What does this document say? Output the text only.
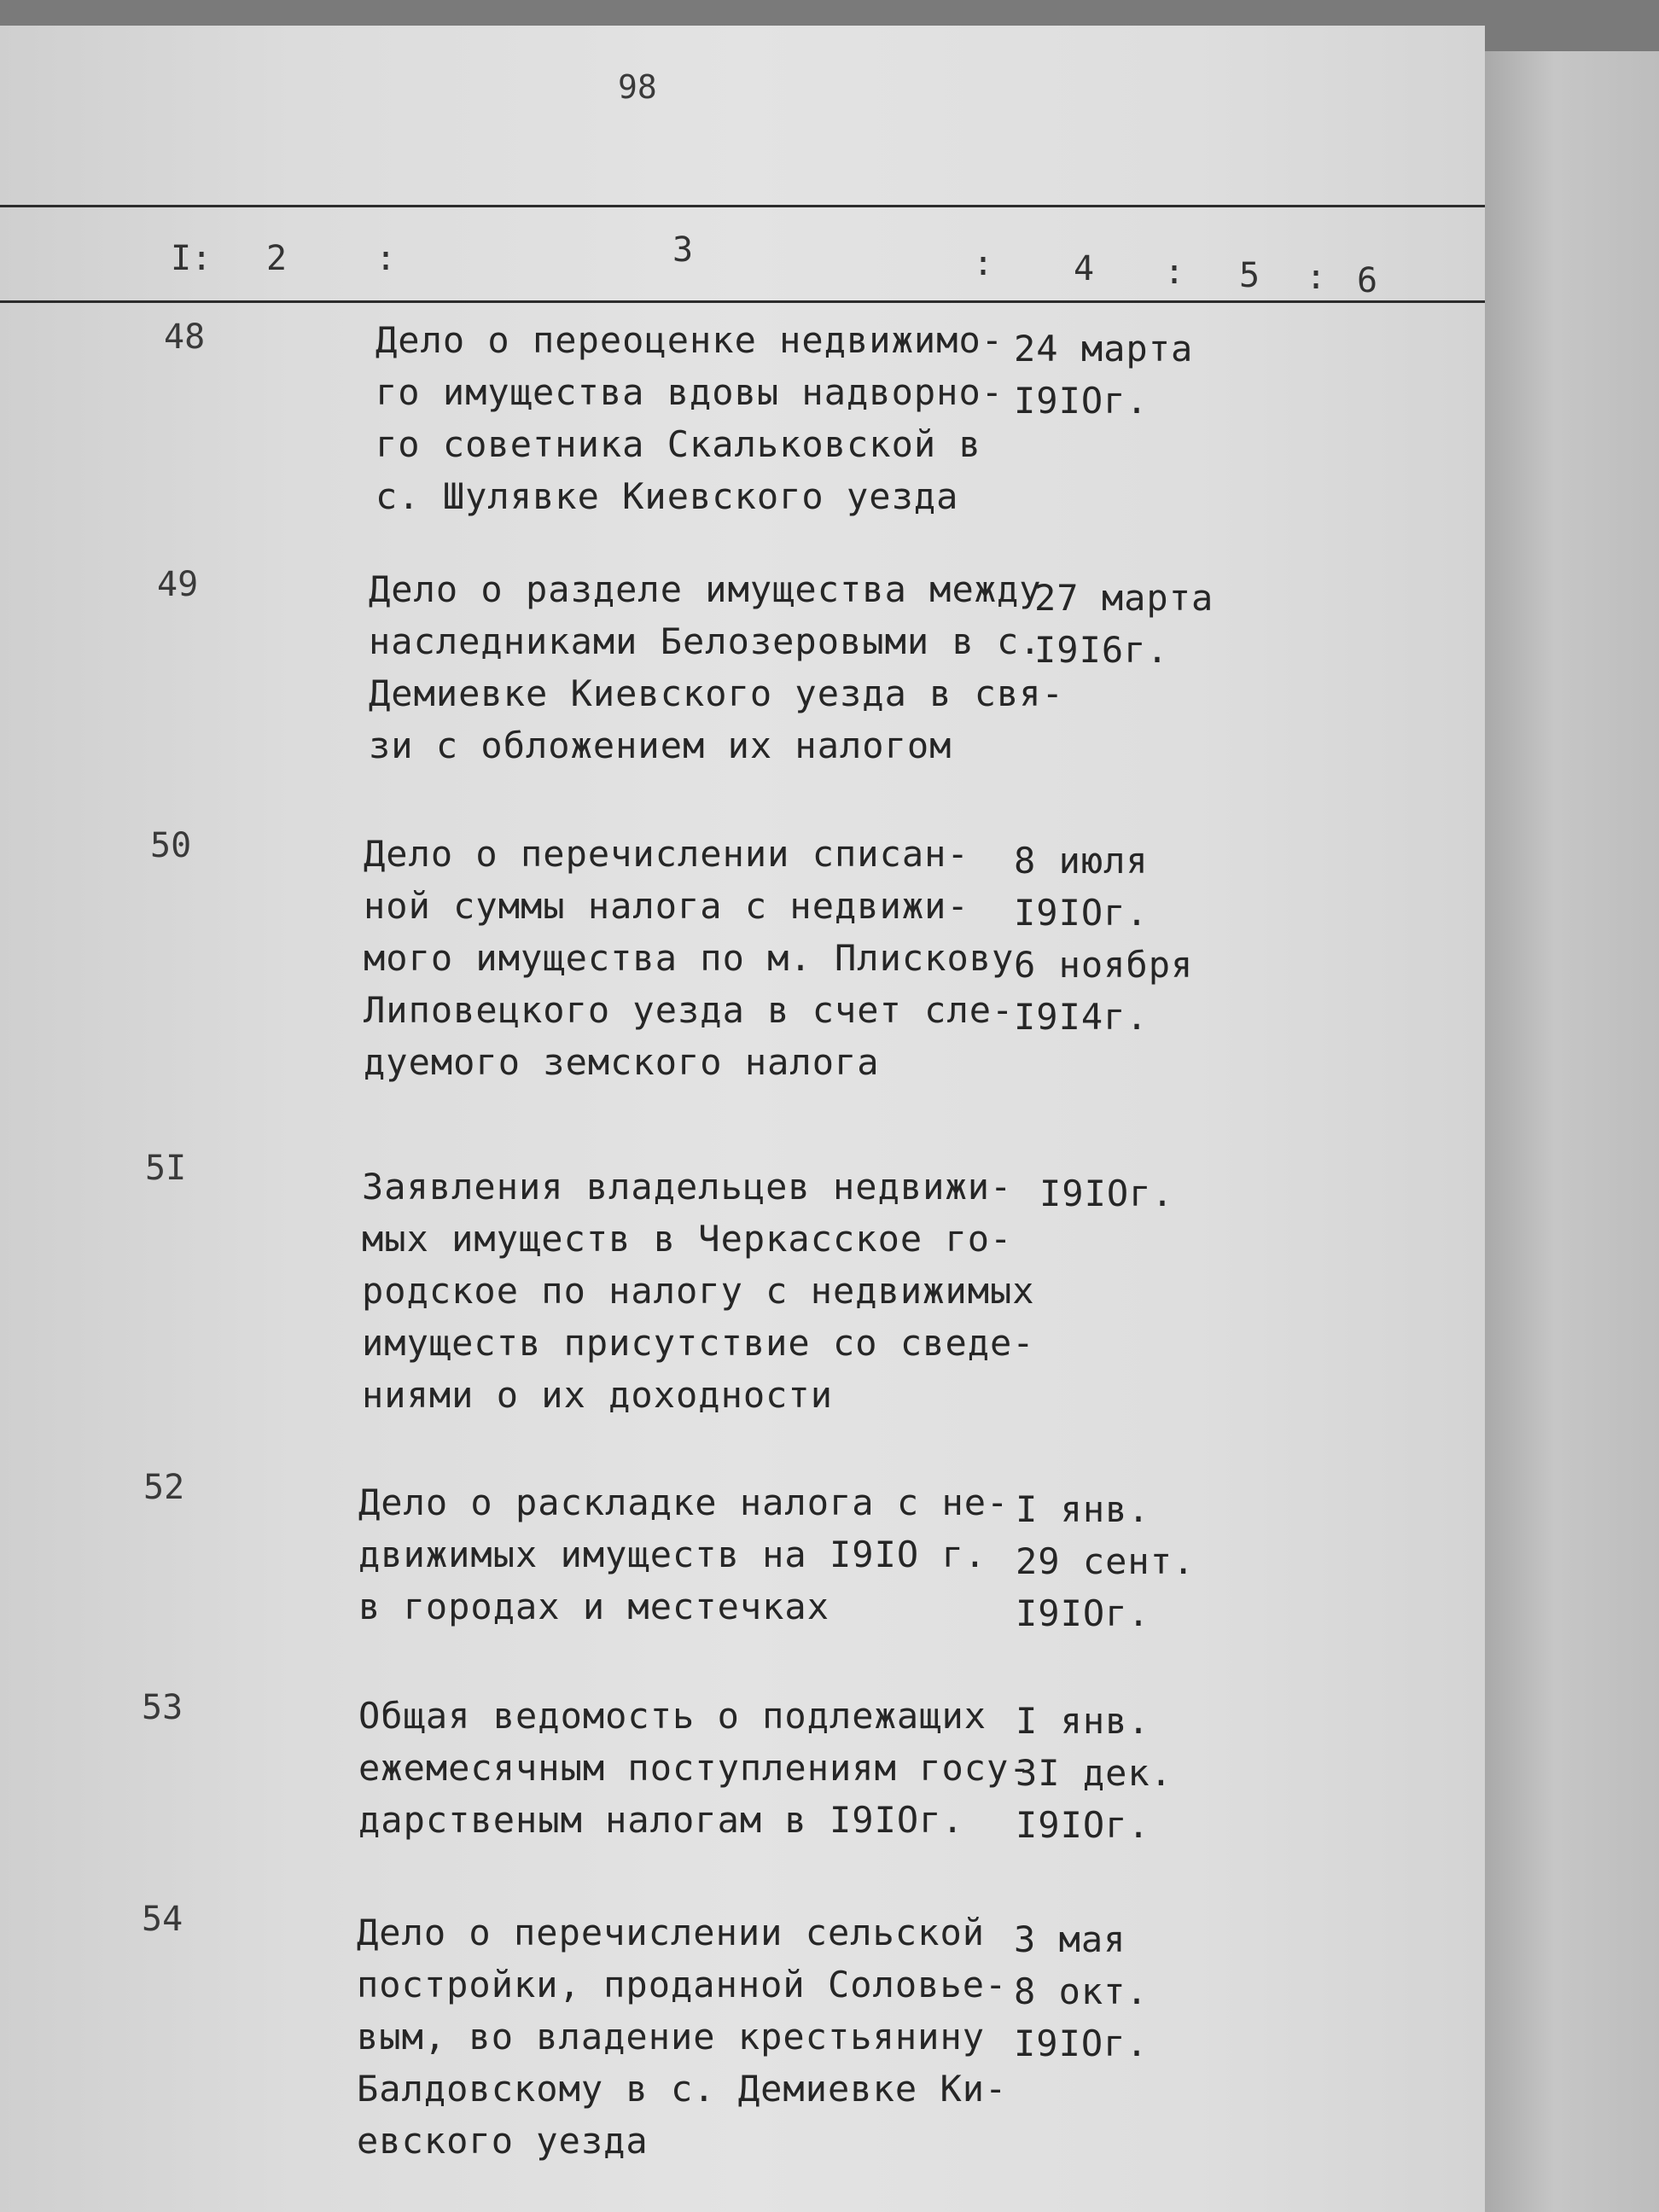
98
I: 2	:	3	: 4 : 5 : 6
48	Дело о переоценке недвижимо-
го имущества вдовы надворно-
го советника Скальковской в
с. Шулявке Киевского уезда
24 марта
I9IOг.
49	Дело о разделе имущества между
наследниками Белозеровыми в с.
Демиевке Киевского уезда в свя-
зи с обложением их налогом
27 марта
I9I6г.
50	Дело о перечислении списан-
ной суммы налога с недвижи-
мого имущества по м. Плискову
Липовецкого уезда в счет сле-
дуемого земского налога
8 июля
I9IOг.
6 ноября
I9I4г.
5I	Заявления владельцев недвижи-
мых имуществ в Черкасское го-
родское по налогу с недвижимых
имуществ присутствие со сведе-
ниями о их доходности
I9IOг.
52	Дело о раскладке налога с не-
движимых имуществ на I9IO г.
в городах и местечках
I янв.
29 сент.
I9IOг.
53	Общая ведомость о подлежащих
ежемесячным поступлениям госу-
дарственым налогам в I9IOг.
I янв.
3I дек.
I9IOг.
54	Дело о перечислении сельской
постройки, проданной Соловье-
вым, во владение крестьянину
Балдовскому в с. Демиевке Ки-
евского уезда
3 мая
8 окт.
I9IOг.
